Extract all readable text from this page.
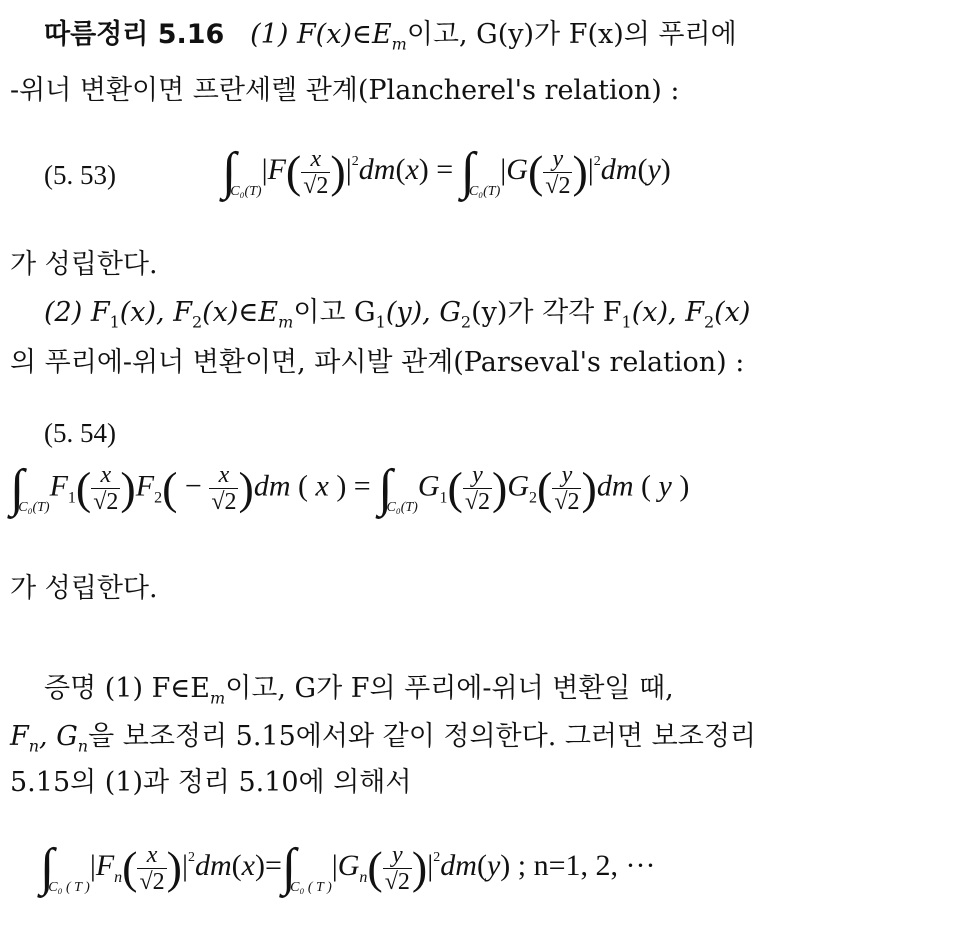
따름정리 5.16 (1) $F(x)\in E_m$이고, G(y)가 F(x)의 푸리에
-위너 변환이면 프란세렐 관계(Plancherel's relation) :
(5. 53) $\int_{C_0(T)}|F( \frac{x}{√2} )|^2dm(x) = \int_{C_0(T)}|G( \frac{y}{√2} )|^2dm(y)$
가 성립한다.
(2) $F_1(x)$, $F_2(x)\in E_m$이고 $G_1(y)$, $G_2(y)$가 각각 $F_1(x)$, $F_2(x)$
의 푸리에-위너 변환이면, 파시발 관계(Parseval's relation) :
(5. 54)
$\int_{C_0(T)}F_1( \frac{x}{√2} )F_2( - \frac{x}{√2} )dm$ ( x ) = $\int_{C_0(T)}G_1( \frac{y}{√2} )G_2( \frac{y}{√2} )dm$ ( y )
가 성립한다.
증명 (1) $F\in E_m$이고, G가 F의 푸리에-위너 변환일 때,
$F_n$, $G_n$을 보조정리 5.15에서와 같이 정의한다. 그러면 보조정리
5.15의 (1)과 정리 5.10에 의해서
$\int_{C_0 ( T )}|F_n( \frac{x}{√2} )|^2dm(x)=\int_{C_0 ( T )}|G_n( \frac{y}{√2} )|^2dm(y)$ ; n=1, 2, ···
